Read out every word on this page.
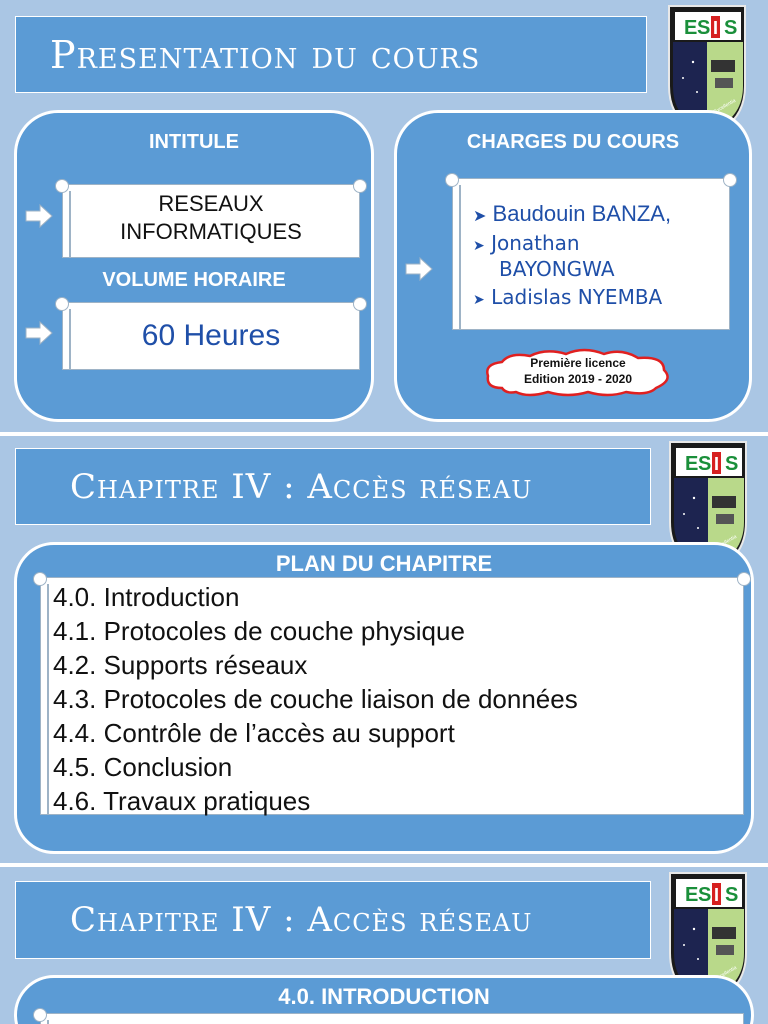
Presentation du cours
E S I S
INTITULE
VOLUME HORAIRE
RESEAUX
INFORMATIQUES
60 Heures
CHARGES DU COURS
➤ Baudouin BANZA,
➤ Jonathan
BAYONGWA
➤ Ladislas NYEMBA
Première licence
Edition 2019 - 2020
Chapitre IV : Accès réseau
E S I S
PLAN DU CHAPITRE
4.0. Introduction
4.1. Protocoles de couche physique
4.2. Supports réseaux
4.3. Protocoles de couche liaison de données
4.4. Contrôle de l’accès au support
4.5. Conclusion
4.6. Travaux pratiques
Chapitre IV : Accès réseau
E S I S
4.0. INTRODUCTION
